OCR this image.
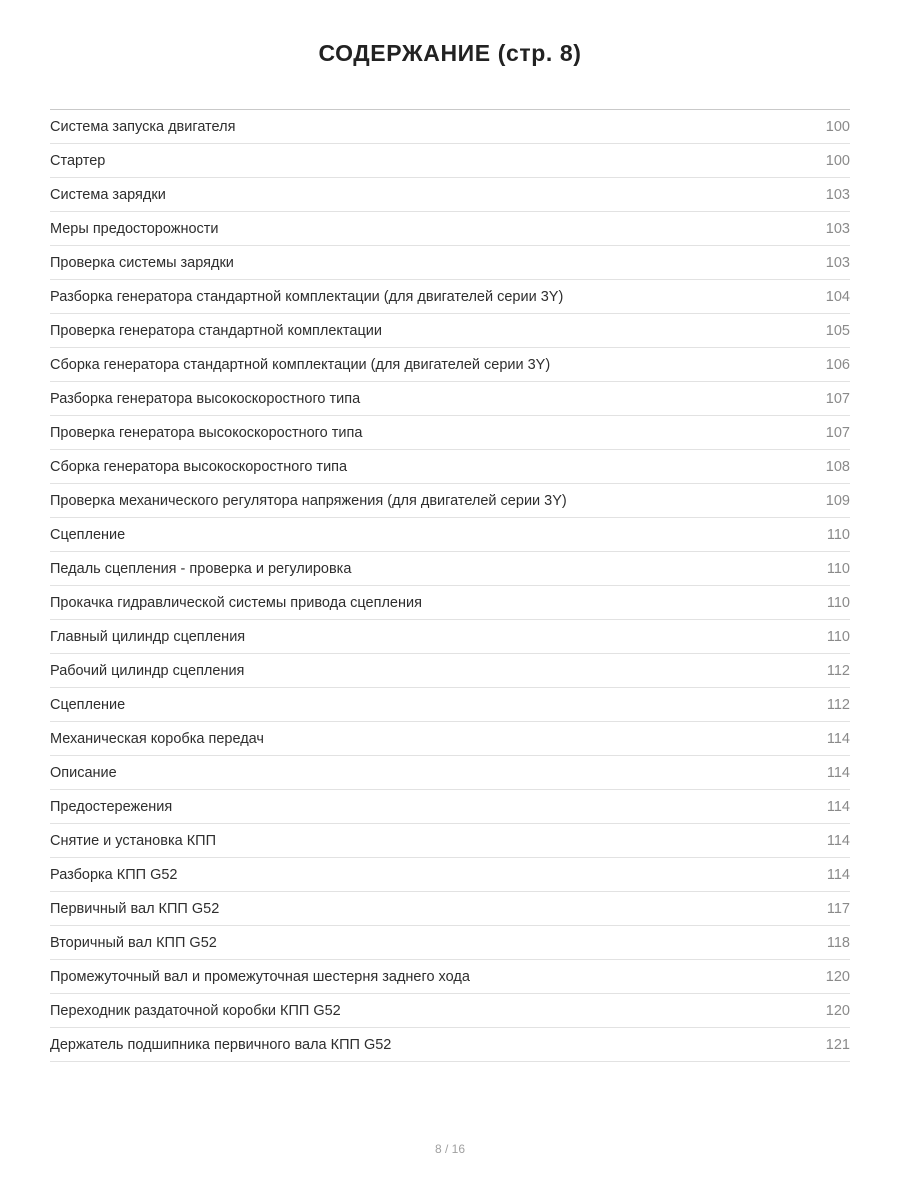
СОДЕРЖАНИЕ (стр. 8)
Система запуска двигателя	100
Стартер	100
Система зарядки	103
Меры предосторожности	103
Проверка системы зарядки	103
Разборка генератора стандартной комплектации (для двигателей серии 3Y)	104
Проверка генератора стандартной комплектации	105
Сборка генератора стандартной комплектации (для двигателей серии 3Y)	106
Разборка генератора высокоскоростного типа	107
Проверка генератора высокоскоростного типа	107
Сборка генератора высокоскоростного типа	108
Проверка механического регулятора напряжения (для двигателей серии 3Y)	109
Сцепление	110
Педаль сцепления - проверка и регулировка	110
Прокачка гидравлической системы привода сцепления	110
Главный цилиндр сцепления	110
Рабочий цилиндр сцепления	112
Сцепление	112
Механическая коробка передач	114
Описание	114
Предостережения	114
Снятие и установка КПП	114
Разборка КПП G52	114
Первичный вал КПП G52	117
Вторичный вал КПП G52	118
Промежуточный вал и промежуточная шестерня заднего хода	120
Переходник раздаточной коробки КПП G52	120
Держатель подшипника первичного вала КПП G52	121
8 / 16
